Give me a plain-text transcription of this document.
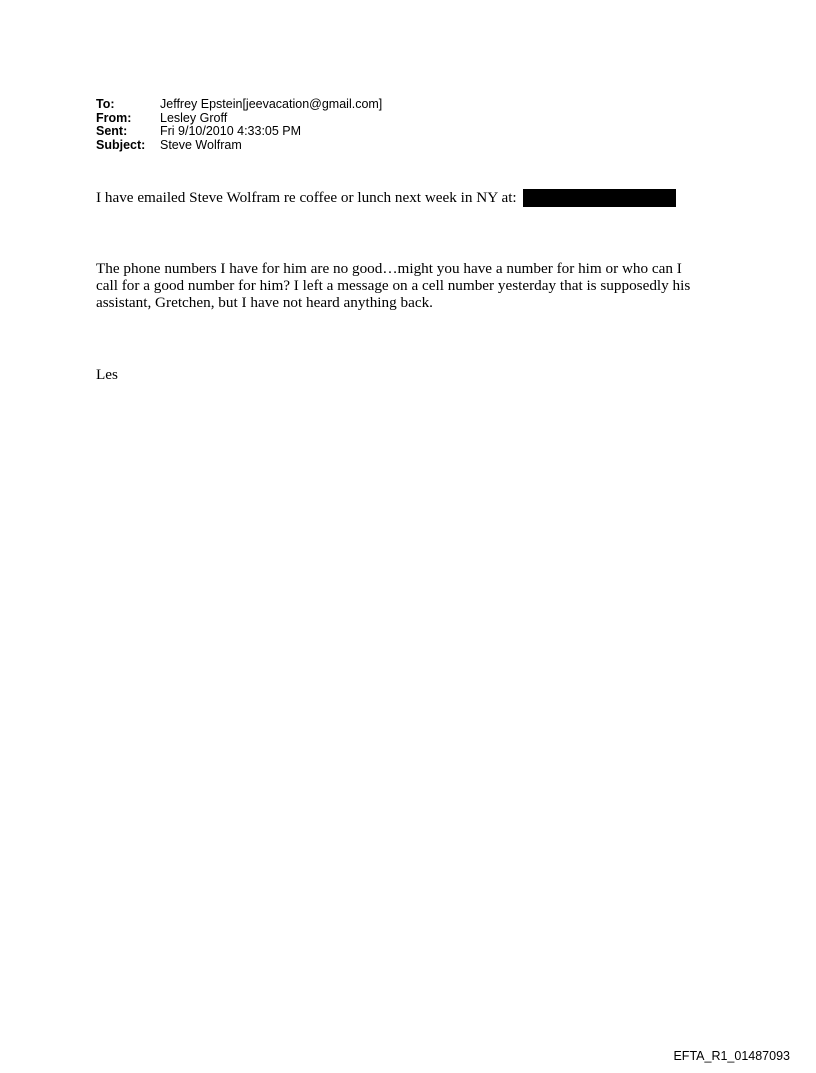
To:	Jeffrey Epstein[jeevacation@gmail.com]
From:	Lesley Groff
Sent:	Fri 9/10/2010 4:33:05 PM
Subject:	Steve Wolfram
I have emailed Steve Wolfram re coffee or lunch next week in NY at:
The phone numbers I have for him are no good…might you have a number for him or who can I
call for a good number for him? I left a message on a cell number yesterday that is supposedly his
assistant, Gretchen, but I have not heard anything back.
Les
EFTA_R1_01487093
